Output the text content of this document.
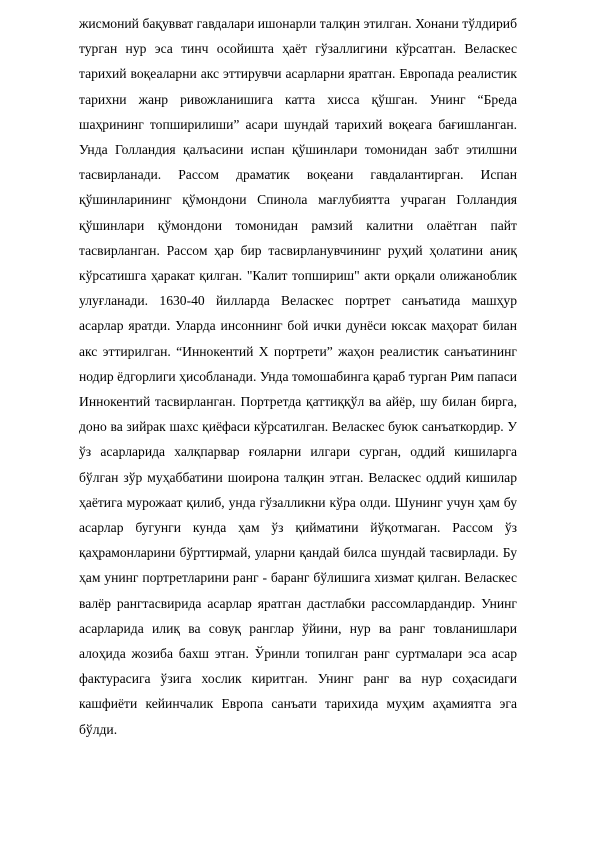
жисмоний бақувват гавдалари ишонарли талқин этилган. Хонани тўлдириб турган нур эса тинч осойишта ҳаёт гўзаллигини кўрсатган. Веласкес тарихий воқеаларни акс эттирувчи асарларни яратган. Европада реалистик тарихни жанр ривожланишига катта хисса қўшган. Унинг “Бреда шаҳрининг топширилиши” асари шундай тарихий воқеага бағишланган. Унда Голландия қалъасини испан қўшинлари томонидан забт этилшни тасвирланади. Рассом драматик воқеани гавдалантирган. Испан қўшинларининг қўмондони Спинола мағлубиятта учраган Голландия қўшинлари қўмондони томонидан рамзий калитни олаётган пайт тасвирланган. Рассом ҳар бир тасвирланувчининг руҳий ҳолатини аниқ кўрсатишга ҳаракат қилган. "Калит топшириш" акти орқали олижаноблик улуғланади. 1630-40 йилларда Веласкес портрет санъатида машҳур асарлар яратди. Уларда инсоннинг бой ички дунёси юксак маҳорат билан акс эттирилган. “Иннокентий X портрети” жаҳон реалистик санъатининг нодир ёдгорлиги ҳисобланади. Унда томошабинга қараб турган Рим папаси Иннокентий тасвирланган. Портретда қаттиққўл ва айёр, шу билан бирга, доно ва зийрак шахс қиёфаси кўрсатилган. Веласкес буюк санъаткордир. У ўз асарларида халқпарвар ғояларни илгари сурган, оддий кишиларга бўлган зўр муҳаббатини шоирона талқин этган. Веласкес оддий кишилар ҳаётига мурожаат қилиб, унда гўзалликни кўра олди. Шунинг учун ҳам бу асарлар бугунги кунда ҳам ўз қийматини йўқотмаган. Рассом ўз қаҳрамонларини бўрттирмай, уларни қандай билса шундай тасвирлади. Бу ҳам унинг портретларини ранг - баранг бўлишига хизмат қилган. Веласкес валёр рангтасвирида асарлар яратган дастлабки рассомлардандир. Унинг асарларида илиқ ва совуқ ранглар ўйини, нур ва ранг товланишлари алоҳида жозиба бахш этган. Ўринли топилган ранг суртмалари эса асар фактурасига ўзига хослик киритган. Унинг ранг ва нур соҳасидаги кашфиёти кейинчалик Европа санъати тарихида муҳим аҳамиятга эга бўлди.
